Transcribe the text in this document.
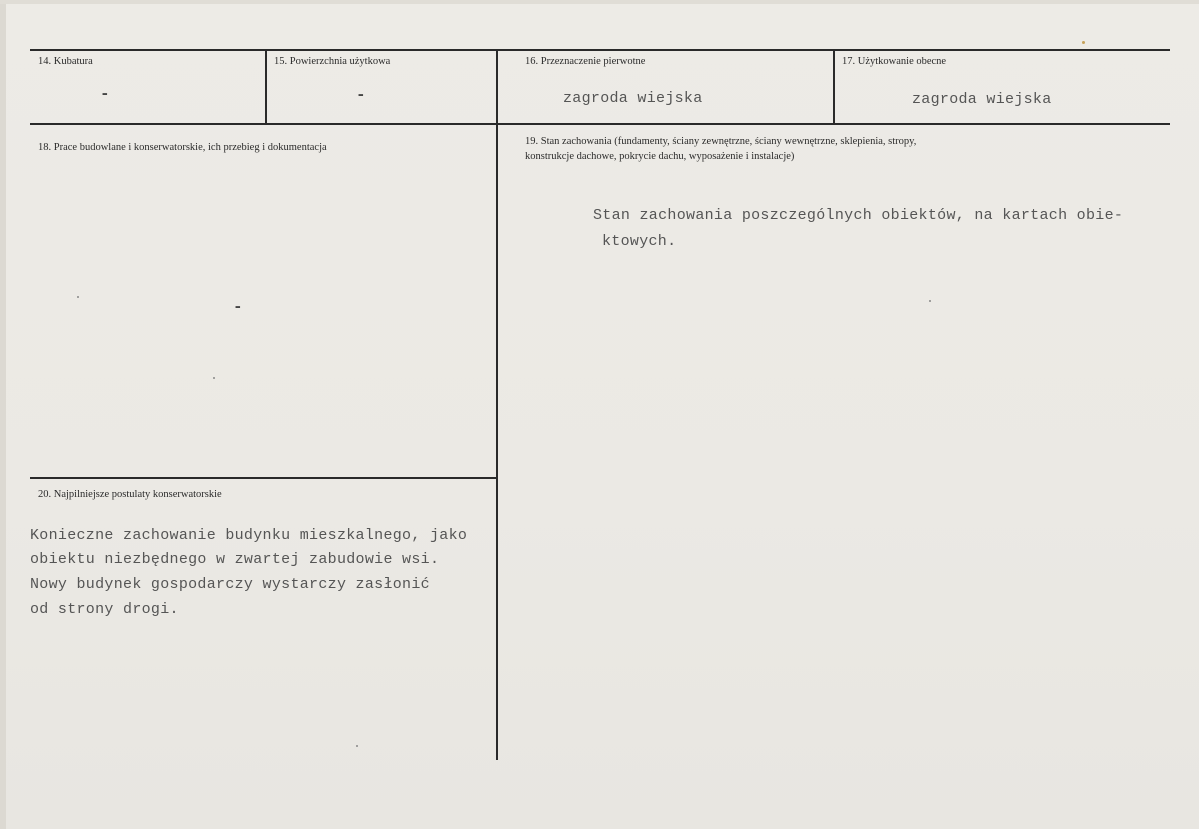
14. Kubatura
-
15. Powierzchnia użytkowa
-
16. Przeznaczenie pierwotne
zagroda wiejska
17. Użytkowanie obecne
zagroda wiejska
18. Prace budowlane i konserwatorskie, ich przebieg i dokumentacja
-
19. Stan zachowania (fundamenty, ściany zewnętrzne, ściany wewnętrzne, sklepienia, stropy,
konstrukcje dachowe, pokrycie dachu, wyposażenie i instalacje)
Stan zachowania poszczególnych obiektów, na kartach obie-
ktowych.
20. Najpilniejsze postulaty konserwatorskie
Konieczne zachowanie budynku mieszkalnego, jako
obiektu niezbędnego w zwartej zabudowie wsi.
Nowy budynek gospodarczy wystarczy zasłonić
od strony drogi.
